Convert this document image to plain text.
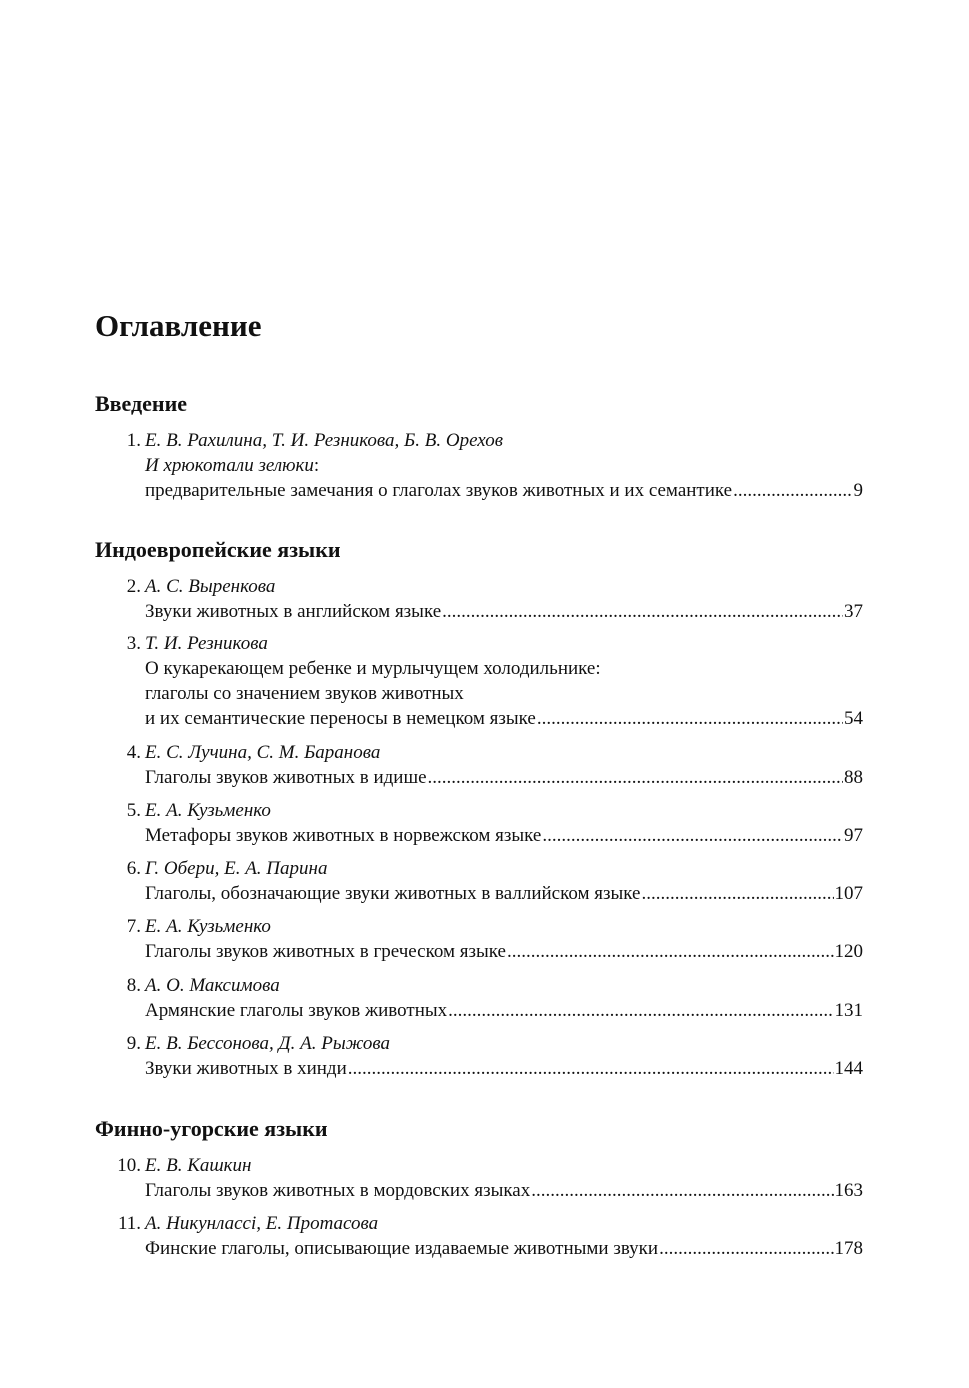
Оглавление
Введение
1. Е. В. Рахилина, Т. И. Резникова, Б. В. Орехов
И хрюкотали зелюки:
предварительные замечания о глаголах звуков животных и их семантике .....	9
Индоевропейские языки
2. А. С. Выренкова
Звуки животных в английском языке .....	37
3. Т. И. Резникова
О кукарекающем ребенке и мурлычущем холодильнике:
глаголы со значением звуков животных
и их семантические переносы в немецком языке .....	54
4. Е. С. Лучина, С. М. Баранова
Глаголы звуков животных в идише .....	88
5. Е. А. Кузьменко
Метафоры звуков животных в норвежском языке .....	97
6. Г. Обери, Е. А. Парина
Глаголы, обозначающие звуки животных в валлийском языке .....	107
7. Е. А. Кузьменко
Глаголы звуков животных в греческом языке .....	120
8. А. О. Максимова
Армянские глаголы звуков животных .....	131
9. Е. В. Бессонова, Д. А. Рыжова
Звуки животных в хинди .....	144
Финно-угорские языки
10. Е. В. Кашкин
Глаголы звуков животных в мордовских языках .....	163
11. А. Никунлассi, Е. Протасова
Финские глаголы, описывающие издаваемые животными звуки .....	178
